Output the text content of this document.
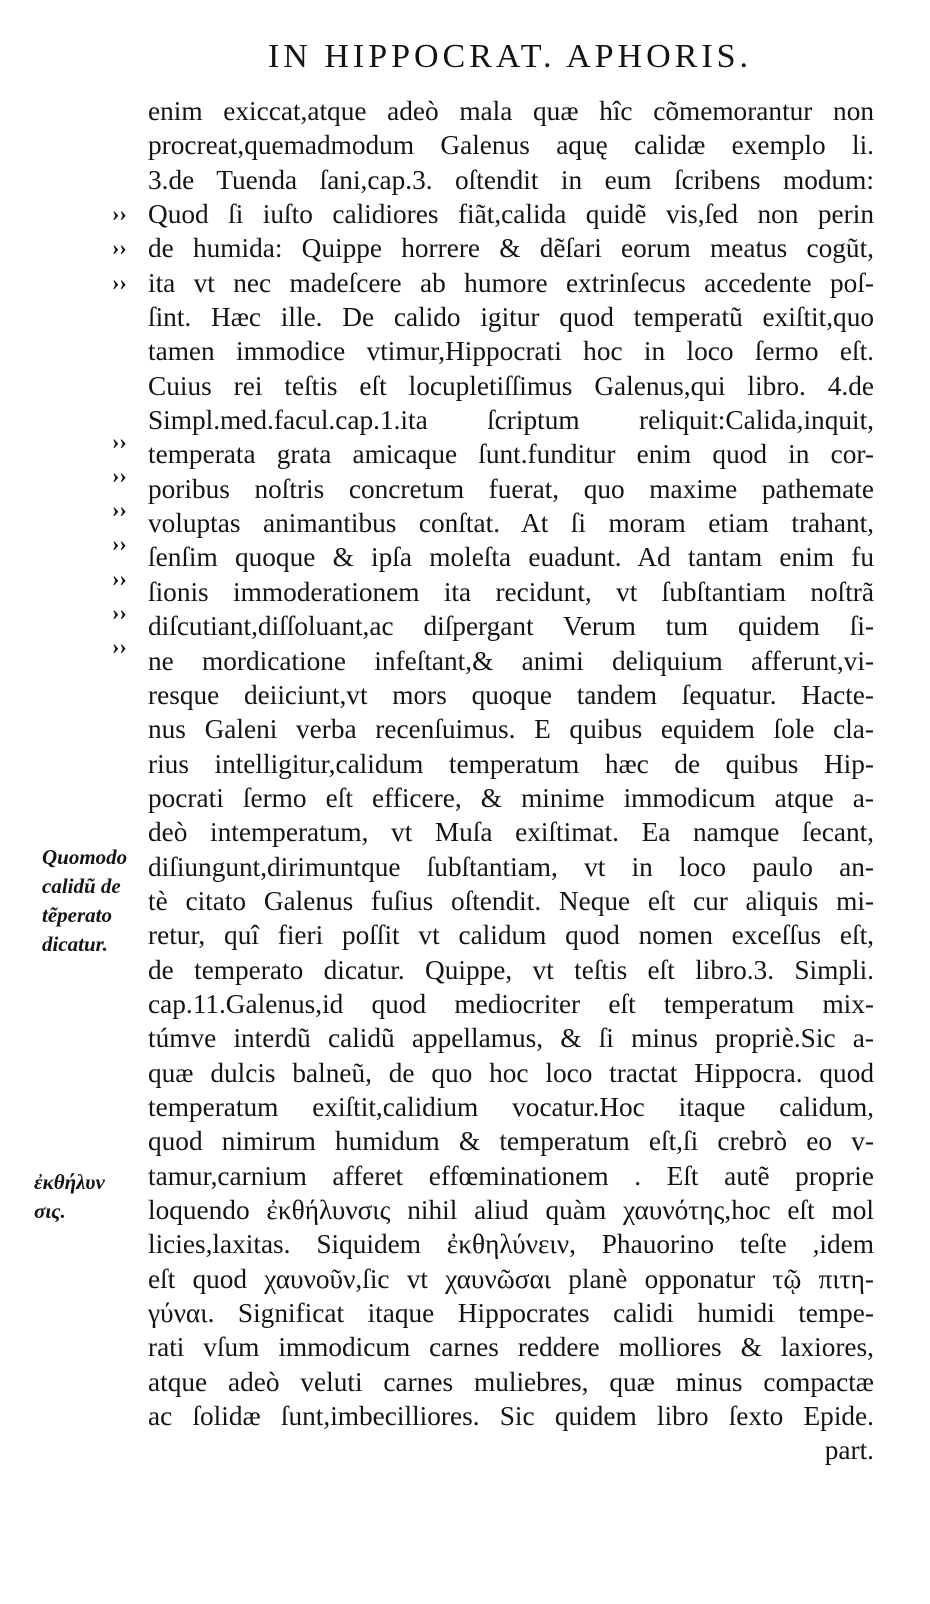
IN HIPPOCRAT. APHORIS.
››
››
››
››
››
››
››
››
››
››
enim exiccat,atque adeò mala quæ hîc cõmemorantur non
procreat,quemadmodum Galenus aquę calidæ exemplo li.
3.de Tuenda ſani,cap.3. oſtendit in eum ſcribens modum:
Quod ſi iuſto calidiores fiãt,calida quidẽ vis,ſed non perin
de humida: Quippe horrere & dẽſari eorum meatus cogũt,
ita vt nec madeſcere ab humore extrinſecus accedente poſ-
ſint. Hæc ille. De calido igitur quod temperatũ exiſtit,quo
tamen immodice vtimur,Hippocrati hoc in loco ſermo eſt.
Cuius rei teſtis eſt locupletiſſimus Galenus,qui libro. 4.de
Simpl.med.facul.cap.1.ita ſcriptum reliquit:Calida,inquit,
temperata grata amicaque ſunt.funditur enim quod in cor-
poribus noſtris concretum fuerat, quo maxime pathemate
voluptas animantibus conſtat. At ſi moram etiam trahant,
ſenſim quoque & ipſa moleſta euadunt. Ad tantam enim fu
ſionis immoderationem ita recidunt, vt ſubſtantiam noſtrã
diſcutiant,diſſoluant,ac diſpergant Verum tum quidem ſi-
ne mordicatione infeſtant,& animi deliquium afferunt,vi-
resque deiiciunt,vt mors quoque tandem ſequatur. Hacte-
nus Galeni verba recenſuimus. E quibus equidem ſole cla-
rius intelligitur,calidum temperatum hæc de quibus Hip-
pocrati ſermo eſt efficere, & minime immodicum atque a-
deò intemperatum, vt Muſa exiſtimat. Ea namque ſecant,
diſiungunt,dirimuntque ſubſtantiam, vt in loco paulo an-
tè citato Galenus fuſius oſtendit. Neque eſt cur aliquis mi-
retur, quî fieri poſſit vt calidum quod nomen exceſſus eſt,
de temperato dicatur. Quippe, vt teſtis eſt libro.3. Simpli.
cap.11.Galenus,id quod mediocriter eſt temperatum mix-
túmve interdũ calidũ appellamus, & ſi minus propriè.Sic a-
quæ dulcis balneũ, de quo hoc loco tractat Hippocra. quod
temperatum exiſtit,calidium vocatur.Hoc itaque calidum,
quod nimirum humidum & temperatum eſt,ſi crebrò eo v-
tamur,carnium afferet effœminationem . Eſt autẽ proprie
loquendo ἐκθήλυνσις nihil aliud quàm χαυνότης,hoc eſt mol
licies,laxitas. Siquidem ἐκθηλύνειν, Phauorino teſte ,idem
eſt quod χαυνοῦν,ſic vt χαυνῶσαι planè opponatur τῷ πιτη-
γύναι. Significat itaque Hippocrates calidi humidi tempe-
rati vſum immodicum carnes reddere molliores & laxiores,
atque adeò veluti carnes muliebres, quæ minus compactæ
ac ſolidæ ſunt,imbecilliores. Sic quidem libro ſexto Epide.
part.
Quomodo
calidũ de
tẽperato
dicatur.
ἐκθήλυν
σις.
